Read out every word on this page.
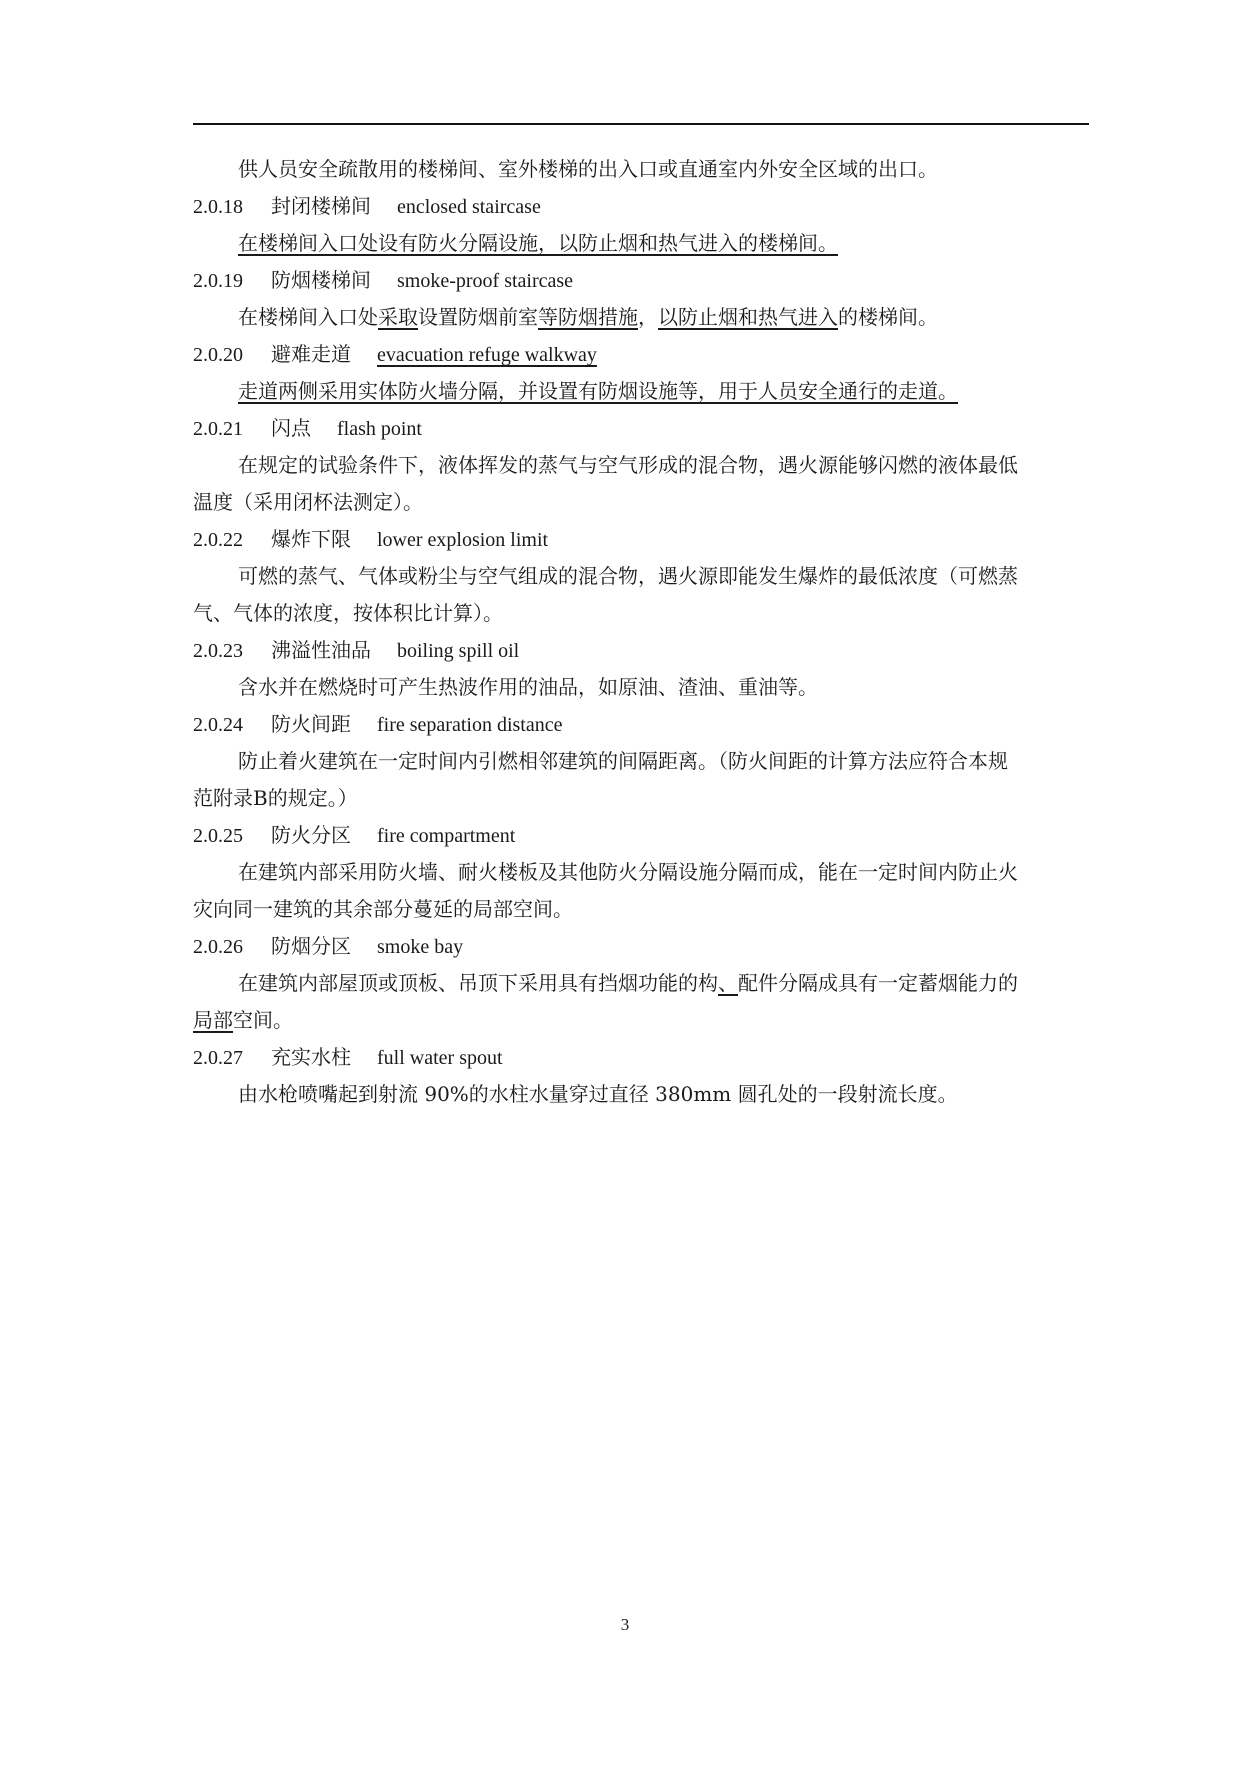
供人员安全疏散用的楼梯间、室外楼梯的出入口或直通室内外安全区域的出口。
2.0.18 封闭楼梯间 enclosed staircase
在楼梯间入口处设有防火分隔设施，以防止烟和热气进入的楼梯间。
2.0.19 防烟楼梯间 smoke-proof staircase
在楼梯间入口处采取设置防烟前室等防烟措施，以防止烟和热气进入的楼梯间。
2.0.20 避难走道 evacuation refuge walkway
走道两侧采用实体防火墙分隔，并设置有防烟设施等，用于人员安全通行的走道。
2.0.21 闪点 flash point
在规定的试验条件下，液体挥发的蒸气与空气形成的混合物，遇火源能够闪燃的液体最低
温度（采用闭杯法测定）。
2.0.22 爆炸下限 lower explosion limit
可燃的蒸气、气体或粉尘与空气组成的混合物，遇火源即能发生爆炸的最低浓度（可燃蒸
气、气体的浓度，按体积比计算）。
2.0.23 沸溢性油品 boiling spill oil
含水并在燃烧时可产生热波作用的油品，如原油、渣油、重油等。
2.0.24 防火间距 fire separation distance
防止着火建筑在一定时间内引燃相邻建筑的间隔距离。（防火间距的计算方法应符合本规
范附录B的规定。）
2.0.25 防火分区 fire compartment
在建筑内部采用防火墙、耐火楼板及其他防火分隔设施分隔而成，能在一定时间内防止火
灾向同一建筑的其余部分蔓延的局部空间。
2.0.26 防烟分区 smoke bay
在建筑内部屋顶或顶板、吊顶下采用具有挡烟功能的构、配件分隔成具有一定蓄烟能力的
局部空间。
2.0.27 充实水柱 full water spout
由水枪喷嘴起到射流 90%的水柱水量穿过直径 380mm 圆孔处的一段射流长度。
3
